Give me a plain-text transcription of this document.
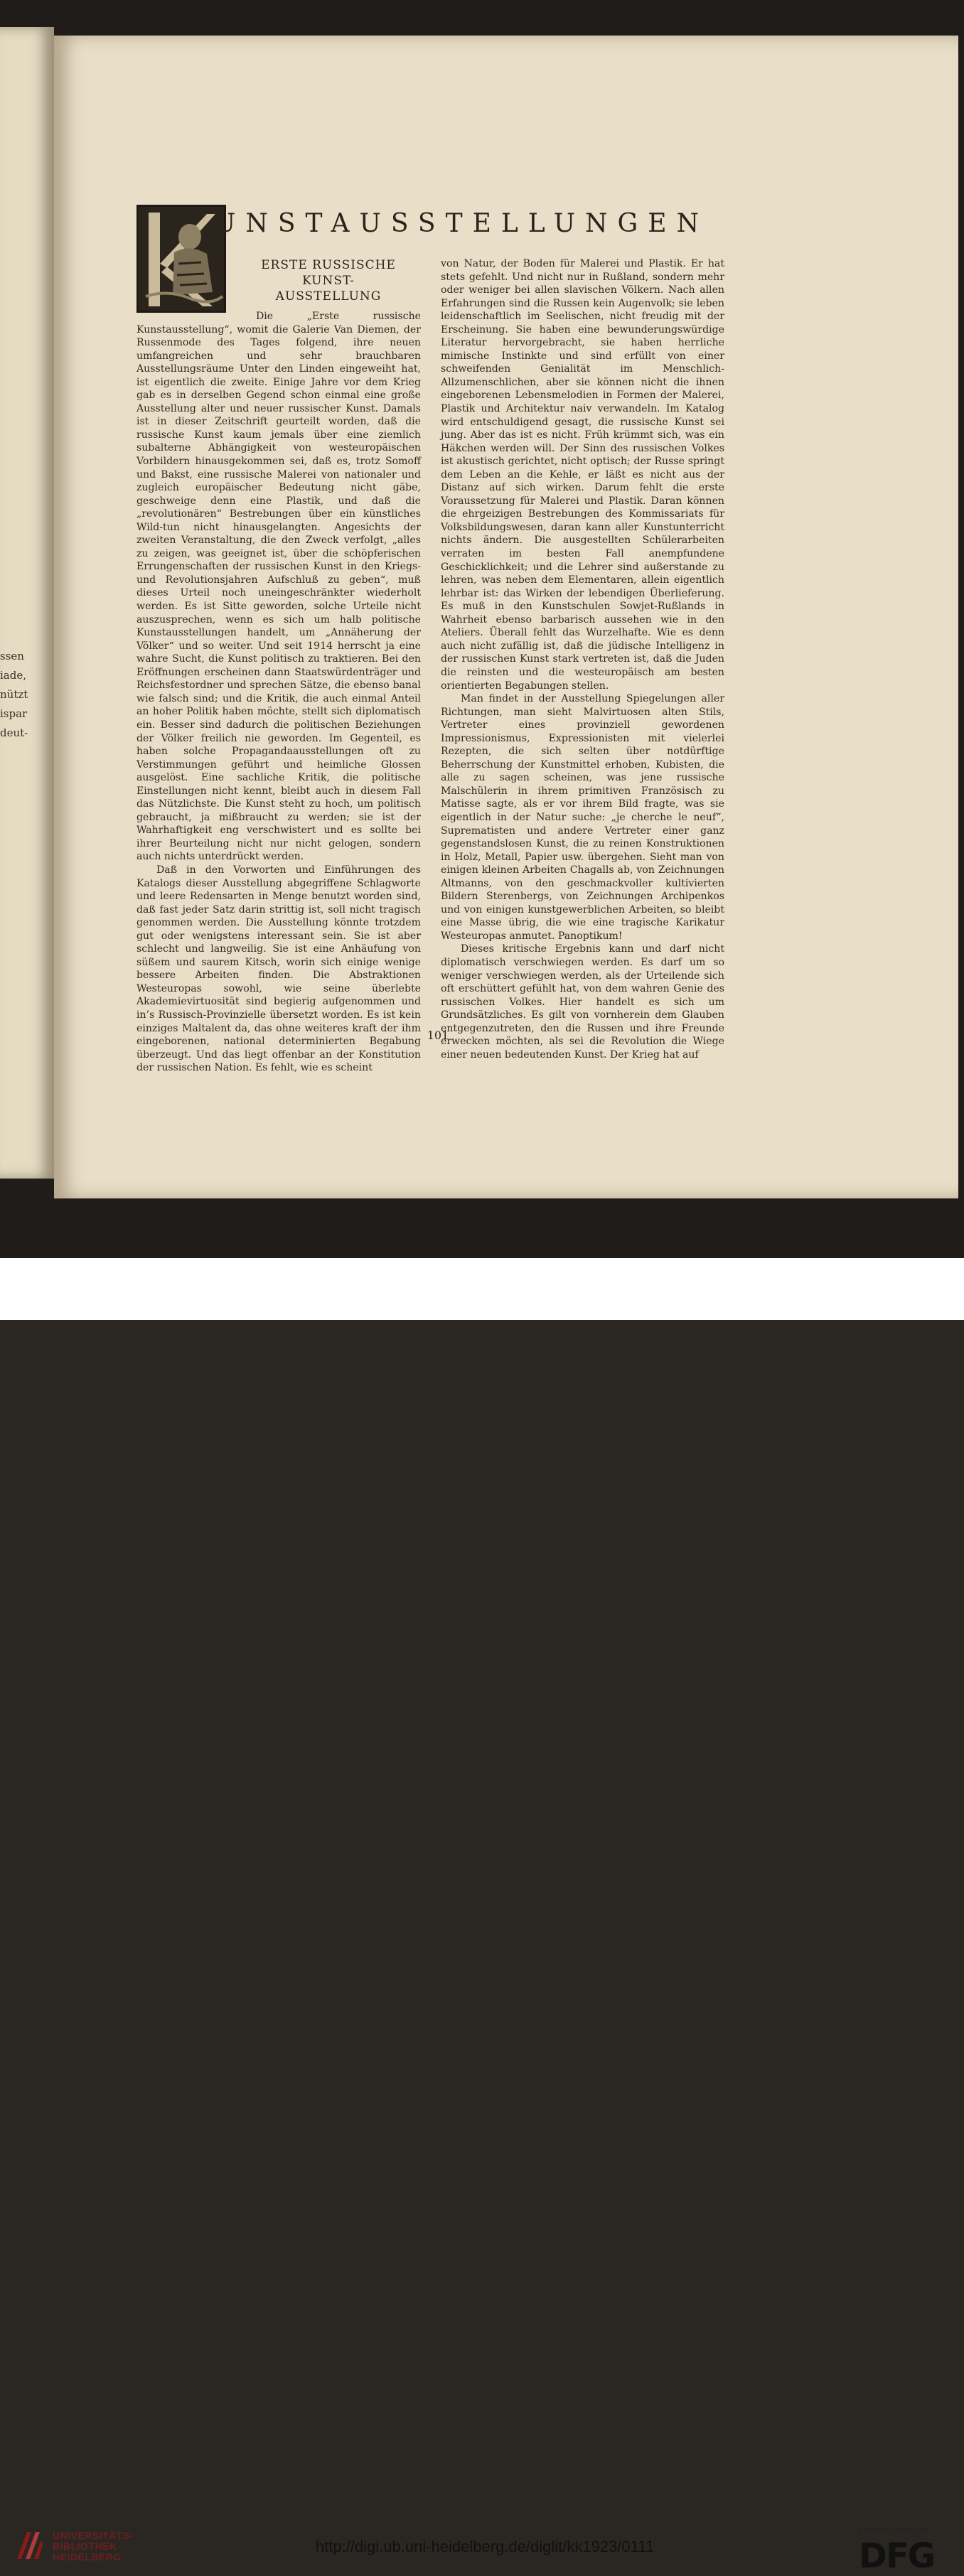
ssen
iade,
nützt
ispar
deut-
UNSTAUSSTELLUNGEN
ERSTE RUSSISCHE KUNST-
AUSSTELLUNG

Die „Erste russische Kunstausstellung“, womit die Galerie Van Diemen, der Russenmode des Tages folgend, ihre neuen umfangreichen und sehr brauchbaren Ausstellungsräume Unter den Linden eingeweiht hat, ist eigentlich die zweite. Einige Jahre vor dem Krieg gab es in derselben Gegend schon einmal eine große Ausstellung alter und neuer russischer Kunst. Damals ist in dieser Zeitschrift geurteilt worden, daß die russische Kunst kaum jemals über eine ziemlich subalterne Abhängigkeit von westeuropäischen Vorbildern hinausgekommen sei, daß es, trotz Somoff und Bakst, eine russische Malerei von nationaler und zugleich europäischer Bedeutung nicht gäbe, geschweige denn eine Plastik, und daß die „revolutionären“ Bestrebungen über ein künstliches Wild-tun nicht hinausgelangten. Angesichts der zweiten Veranstaltung, die den Zweck verfolgt, „alles zu zeigen, was geeignet ist, über die schöpferischen Errungenschaften der russischen Kunst in den Kriegs- und Revolutionsjahren Aufschluß zu geben“, muß dieses Urteil noch uneingeschränkter wiederholt werden. Es ist Sitte geworden, solche Urteile nicht auszusprechen, wenn es sich um halb politische Kunstausstellungen handelt, um „Annäherung der Völker“ und so weiter. Und seit 1914 herrscht ja eine wahre Sucht, die Kunst politisch zu traktieren. Bei den Eröffnungen erscheinen dann Staatswürdenträger und Reichsfestordner und sprechen Sätze, die ebenso banal wie falsch sind; und die Kritik, die auch einmal Anteil an hoher Politik haben möchte, stellt sich diplomatisch ein. Besser sind dadurch die politischen Beziehungen der Völker freilich nie geworden. Im Gegenteil, es haben solche Propagandaausstellungen oft zu Verstimmungen geführt und heimliche Glossen ausgelöst. Eine sachliche Kritik, die politische Einstellungen nicht kennt, bleibt auch in diesem Fall das Nützlichste. Die Kunst steht zu hoch, um politisch gebraucht, ja mißbraucht zu werden; sie ist der Wahrhaftigkeit eng verschwistert und es sollte bei ihrer Beurteilung nicht nur nicht gelogen, sondern auch nichts unterdrückt werden.

Daß in den Vorworten und Einführungen des Katalogs dieser Ausstellung abgegriffene Schlagworte und leere Redensarten in Menge benutzt worden sind, daß fast jeder Satz darin strittig ist, soll nicht tragisch genommen werden. Die Ausstellung könnte trotzdem gut oder wenigstens interessant sein. Sie ist aber schlecht und langweilig. Sie ist eine Anhäufung von süßem und saurem Kitsch, worin sich einige wenige bessere Arbeiten finden. Die Abstraktionen Westeuropas sowohl, wie seine überlebte Akademievirtuosität sind begierig aufgenommen und in’s Russisch-Provinzielle übersetzt worden. Es ist kein einziges Maltalent da, das ohne weiteres kraft der ihm eingeborenen, national determinierten Begabung überzeugt. Und das liegt offenbar an der Konstitution der russischen Nation. Es fehlt, wie es scheint

von Natur, der Boden für Malerei und Plastik. Er hat stets gefehlt. Und nicht nur in Rußland, sondern mehr oder weniger bei allen slavischen Völkern. Nach allen Erfahrungen sind die Russen kein Augenvolk; sie leben leidenschaftlich im Seelischen, nicht freudig mit der Erscheinung. Sie haben eine bewunderungswürdige Literatur hervorgebracht, sie haben herrliche mimische Instinkte und sind erfüllt von einer schweifenden Genialität im Menschlich-Allzumenschlichen, aber sie können nicht die ihnen eingeborenen Lebensmelodien in Formen der Malerei, Plastik und Architektur naiv verwandeln. Im Katalog wird entschuldigend gesagt, die russische Kunst sei jung. Aber das ist es nicht. Früh krümmt sich, was ein Häkchen werden will. Der Sinn des russischen Volkes ist akustisch gerichtet, nicht optisch; der Russe springt dem Leben an die Kehle, er läßt es nicht aus der Distanz auf sich wirken. Darum fehlt die erste Voraussetzung für Malerei und Plastik. Daran können die ehrgeizigen Bestrebungen des Kommissariats für Volksbildungswesen, daran kann aller Kunstunterricht nichts ändern. Die ausgestellten Schülerarbeiten verraten im besten Fall anempfundene Geschicklichkeit; und die Lehrer sind außerstande zu lehren, was neben dem Elementaren, allein eigentlich lehrbar ist: das Wirken der lebendigen Überlieferung. Es muß in den Kunstschulen Sowjet-Rußlands in Wahrheit ebenso barbarisch aussehen wie in den Ateliers. Überall fehlt das Wurzelhafte. Wie es denn auch nicht zufällig ist, daß die jüdische Intelligenz in der russischen Kunst stark vertreten ist, daß die Juden die reinsten und die westeuropäisch am besten orientierten Begabungen stellen.

Man findet in der Ausstellung Spiegelungen aller Richtungen, man sieht Malvirtuosen alten Stils, Vertreter eines provinziell gewordenen Impressionismus, Expressionisten mit vielerlei Rezepten, die sich selten über notdürftige Beherrschung der Kunstmittel erhoben, Kubisten, die alle zu sagen scheinen, was jene russische Malschülerin in ihrem primitiven Französisch zu Matisse sagte, als er vor ihrem Bild fragte, was sie eigentlich in der Natur suche: „je cherche le neuf“, Suprematisten und andere Vertreter einer ganz gegenstandslosen Kunst, die zu reinen Konstruktionen in Holz, Metall, Papier usw. übergehen. Sieht man von einigen kleinen Arbeiten Chagalls ab, von Zeichnungen Altmanns, von den geschmackvoller kultivierten Bildern Sterenbergs, von Zeichnungen Archipenkos und von einigen kunstgewerblichen Arbeiten, so bleibt eine Masse übrig, die wie eine tragische Karikatur Westeuropas anmutet. Panoptikum!

Dieses kritische Ergebnis kann und darf nicht diplomatisch verschwiegen werden. Es darf um so weniger verschwiegen werden, als der Urteilende sich oft erschüttert gefühlt hat, von dem wahren Genie des russischen Volkes. Hier handelt es sich um Grundsätzliches. Es gilt von vornherein dem Glauben entgegenzutreten, den die Russen und ihre Freunde erwecken möchten, als sei die Revolution die Wiege einer neuen bedeutenden Kunst. Der Krieg hat auf

101
UNIVERSITÄTS-
BIBLIOTHEK
HEIDELBERG
http://digi.ub.uni-heidelberg.de/diglit/kk1923/0111
gefördert durch die
DFG
